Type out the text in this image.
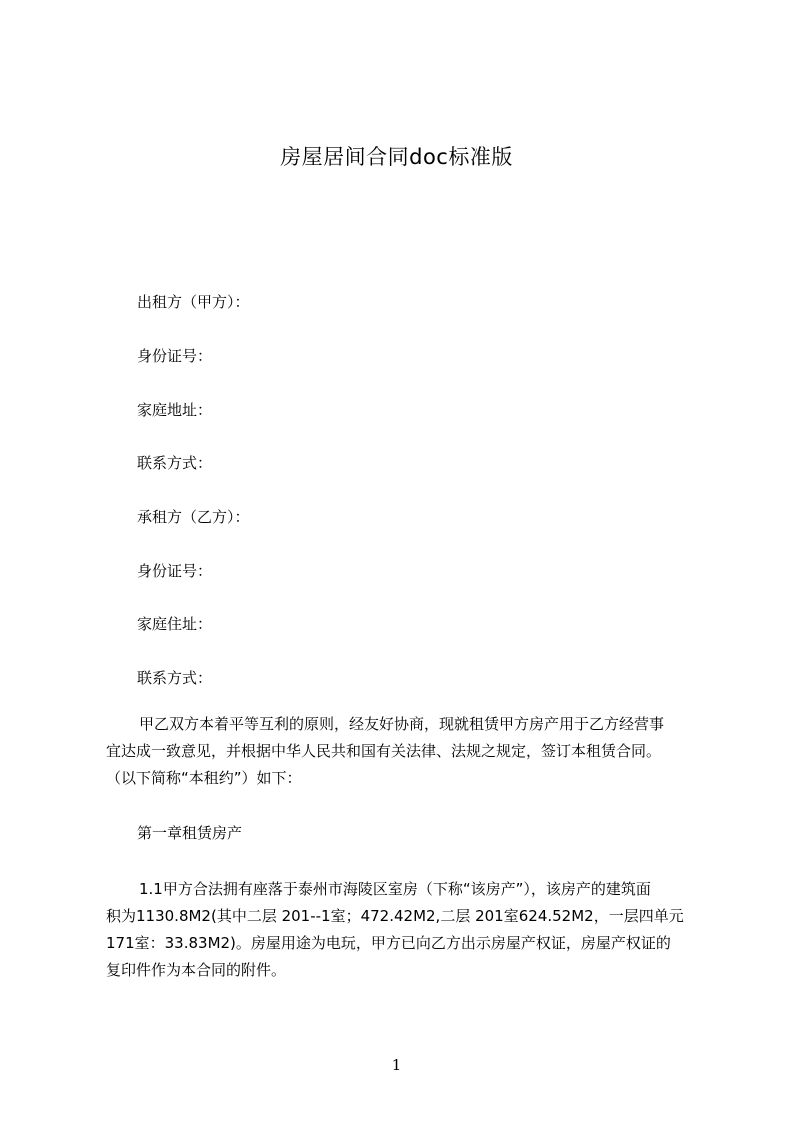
房屋居间合同doc标准版
出租方（甲方）：
身份证号：
家庭地址：
联系方式：
承租方（乙方）：
身份证号：
家庭住址：
联系方式：
甲乙双方本着平等互利的原则，经友好协商，现就租赁甲方房产用于乙方经营事
宜达成一致意见，并根据中华人民共和国有关法律、法规之规定，签订本租赁合同。
（以下简称“本租约”）如下：
第一章租赁房产
1.1甲方合法拥有座落于泰州市海陵区室房（下称“该房产”），该房产的建筑面
积为1130.8M2(其中二层 201--1室；472.42M2,二层 201室624.52M2，一层四单元
171室：33.83M2)。房屋用途为电玩，甲方已向乙方出示房屋产权证，房屋产权证的
复印件作为本合同的附件。
1
